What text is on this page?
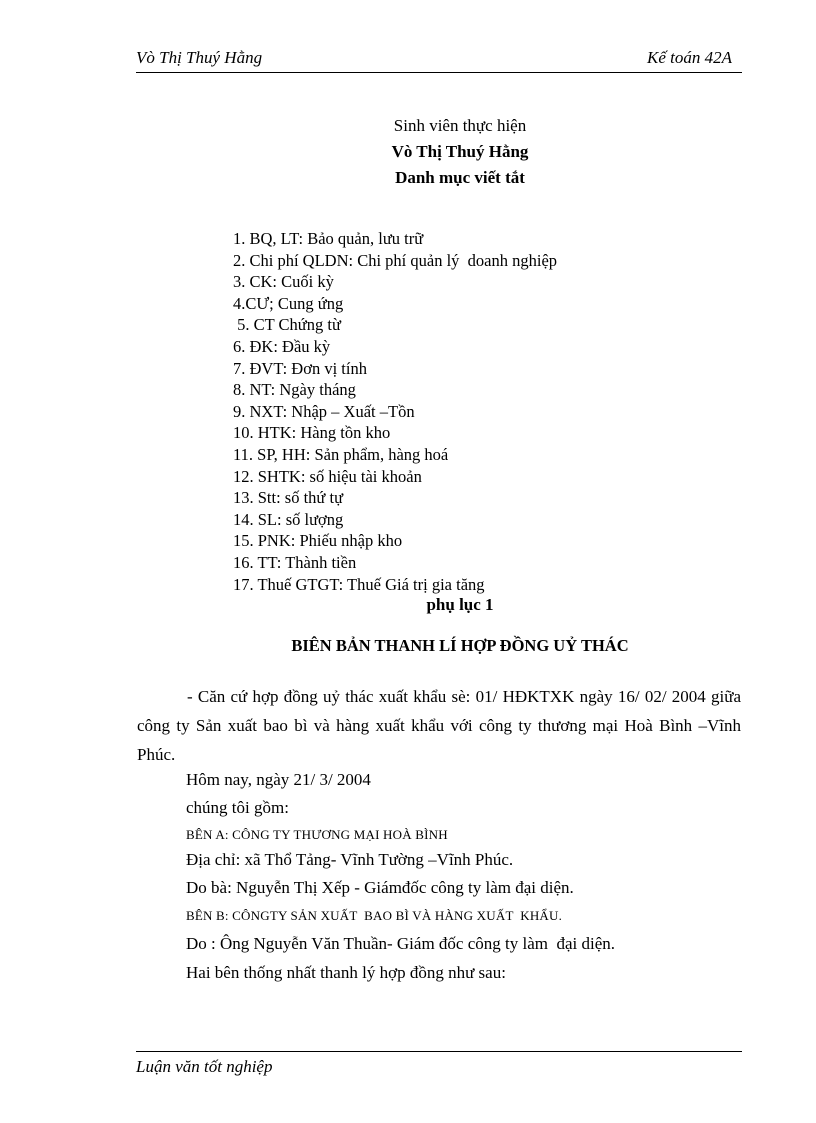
Vò Thị Thuý Hằng	Kế toán 42A
Sinh viên thực hiện
Vò Thị Thuý Hằng
Danh mục viết tắt
1. BQ, LT: Bảo quản, lưu trữ
2. Chi phí QLDN: Chi phí quản lý  doanh nghiệp
3. CK: Cuối kỳ
4.CƯ; Cung ứng
5. CT Chứng từ
6. ĐK: Đầu kỳ
7. ĐVT: Đơn vị tính
8. NT: Ngày tháng
9. NXT: Nhập – Xuất –Tồn
10. HTK: Hàng tồn kho
11. SP, HH: Sản phẩm, hàng hoá
12. SHTK: số hiệu tài khoản
13. Stt: số thứ tự
14. SL: số lượng
15. PNK: Phiếu nhập kho
16. TT: Thành tiền
17. Thuế GTGT: Thuế Giá trị gia tăng
phụ lục 1
BIÊN BẢN THANH LÍ HỢP ĐỒNG UỶ THÁC
- Căn cứ hợp đồng uỷ thác xuất khẩu sè: 01/ HĐKTXK ngày 16/ 02/ 2004 giữa công ty Sản xuất bao bì và hàng xuất khẩu với công ty thương mại Hoà Bình –Vĩnh Phúc.
Hôm nay, ngày 21/ 3/ 2004
chúng tôi gồm:
BÊN A: CÔNG TY THƯƠNG MẠI HOÀ BÌNH
Địa chỉ: xã Thổ Tảng- Vĩnh Tường –Vĩnh Phúc.
Do bà: Nguyễn Thị Xếp - Giámđốc công ty làm đại diện.
BÊN B: CÔNGTY SẢN XUẤT  BAO BÌ VÀ HÀNG XUẤT  KHẨU.
Do : Ông Nguyễn Văn Thuần- Giám đốc công ty làm  đại diện.
Hai bên thống nhất thanh lý hợp đồng như sau:
Luận văn tốt nghiệp
